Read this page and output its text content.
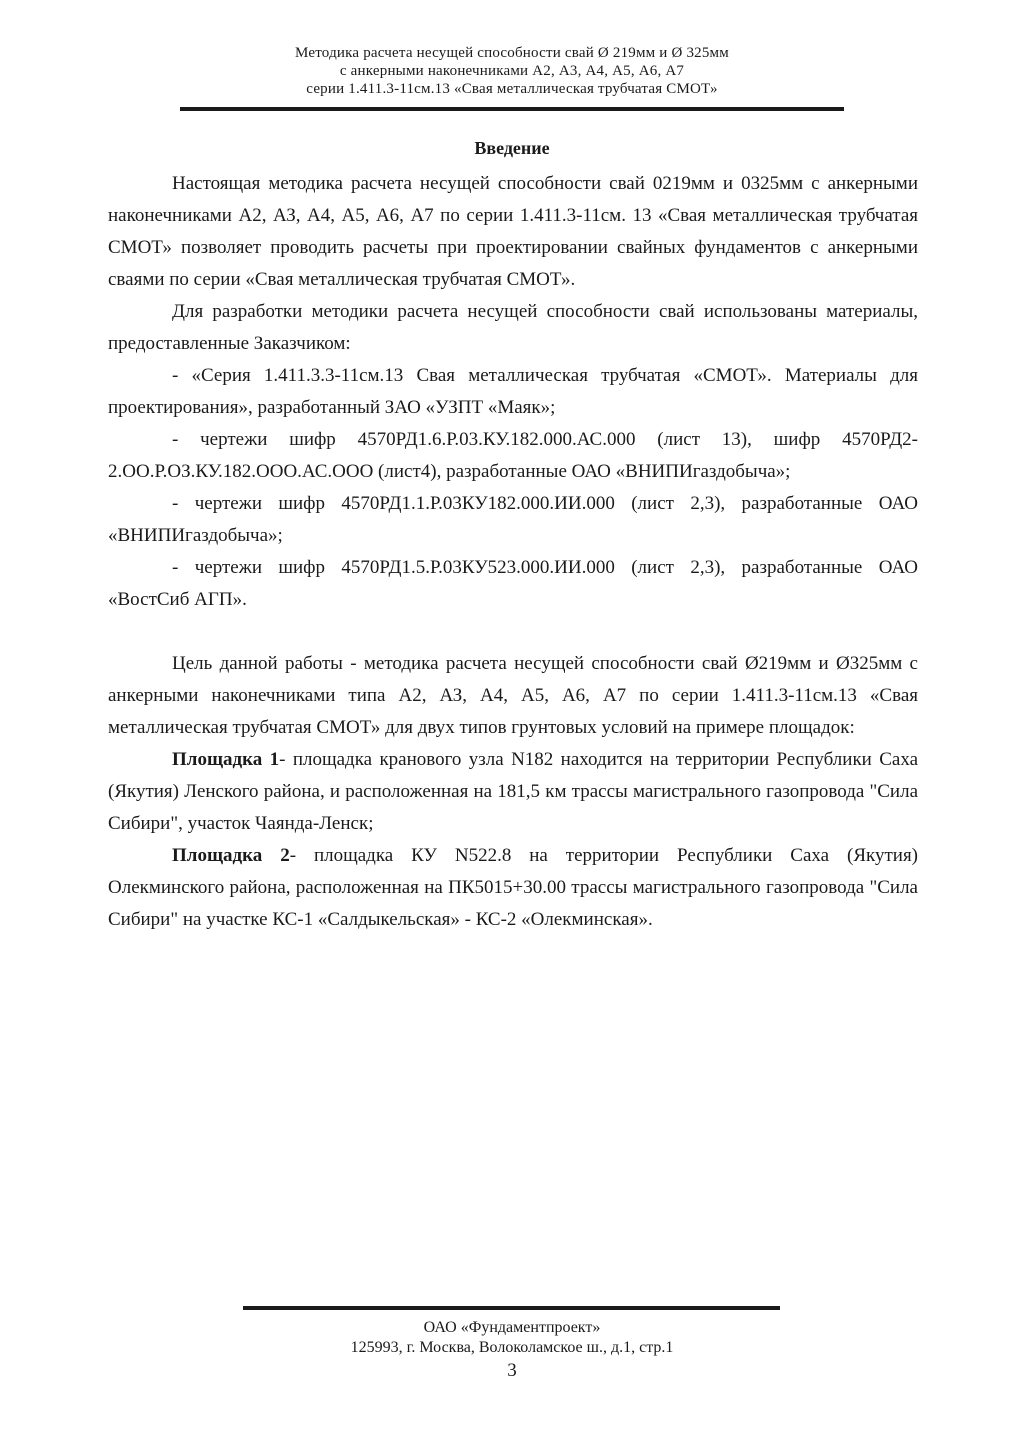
Методика расчета несущей способности свай Ø 219мм и Ø 325мм
с анкерными наконечниками А2, А3, А4, А5, А6, А7
серии 1.411.3-11см.13 «Свая металлическая трубчатая СМОТ»
Введение

Настоящая методика расчета несущей способности свай 0219мм и 0325мм с анкерными наконечниками А2, АЗ, А4, А5, А6, А7 по серии 1.411.3-11см. 13 «Свая металлическая трубчатая СМОТ» позволяет проводить расчеты при проектировании свайных фундаментов с анкерными сваями по серии «Свая металлическая трубчатая СМОТ».

Для разработки методики расчета несущей способности свай использованы материалы, предоставленные Заказчиком:

- «Серия 1.411.3.3-11см.13 Свая металлическая трубчатая «СМОТ». Материалы для проектирования», разработанный ЗАО «УЗПТ «Маяк»;

- чертежи шифр 4570РД1.6.Р.03.КУ.182.000.АС.000 (лист 13), шифр 4570РД2-2.ОО.Р.ОЗ.КУ.182.ООО.АС.ООО (лист4), разработанные ОАО «ВНИПИгаздобыча»;

- чертежи шифр 4570РД1.1.Р.03КУ182.000.ИИ.000 (лист 2,3), разработанные ОАО «ВНИПИгаздобыча»;

- чертежи шифр 4570РД1.5.Р.03КУ523.000.ИИ.000 (лист 2,3), разработанные ОАО «ВостСиб АГП».

Цель данной работы - методика расчета несущей способности свай Ø219мм и Ø325мм с анкерными наконечниками типа А2, АЗ, А4, А5, А6, А7 по серии 1.411.3-11см.13 «Свая металлическая трубчатая СМОТ» для двух типов грунтовых условий на примере площадок:

Площадка 1- площадка кранового узла N182 находится на территории Республики Саха (Якутия) Ленского района, и расположенная на 181,5 км трассы магистрального газопровода "Сила Сибири", участок Чаянда-Ленск;

Площадка 2- площадка КУ N522.8 на территории Республики Саха (Якутия) Олекминского района, расположенная на ПК5015+30.00 трассы магистрального газопровода "Сила Сибири" на участке КС-1 «Салдыкельская» - КС-2 «Олекминская».

ОАО «Фундаментпроект»
125993, г. Москва, Волоколамское ш., д.1, стр.1
3
